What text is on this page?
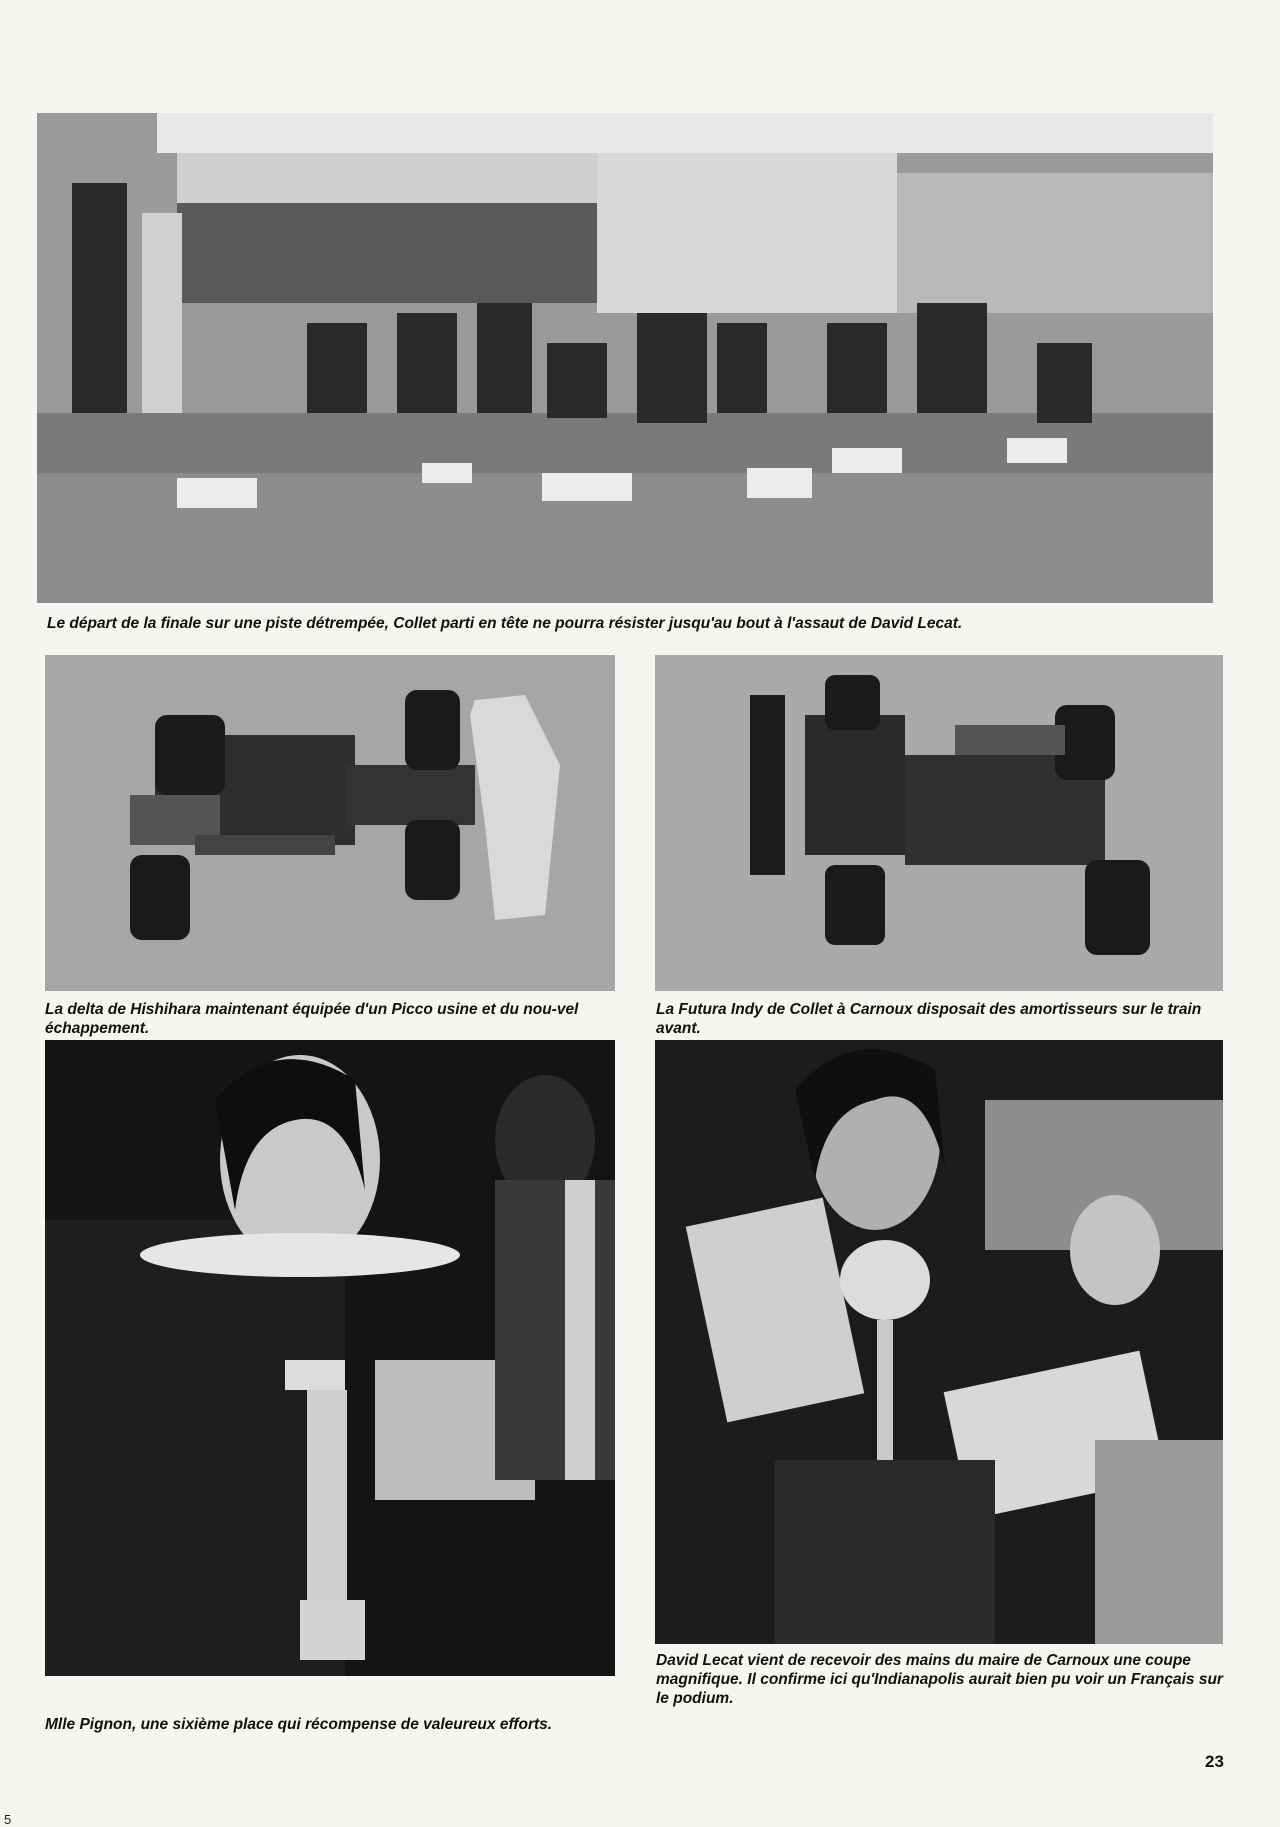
Le départ de la finale sur une piste détrempée, Collet parti en tête ne pourra résister jusqu'au bout à l'assaut de David Lecat.
La delta de Hishihara maintenant équipée d'un Picco usine et du nou-vel échappement.
La Futura Indy de Collet à Carnoux disposait des amortisseurs sur le train avant.
Mlle Pignon, une sixième place qui récompense de valeureux efforts.
David Lecat vient de recevoir des mains du maire de Carnoux une coupe magnifique. Il confirme ici qu'Indianapolis aurait bien pu voir un Français sur le podium.
23
5
